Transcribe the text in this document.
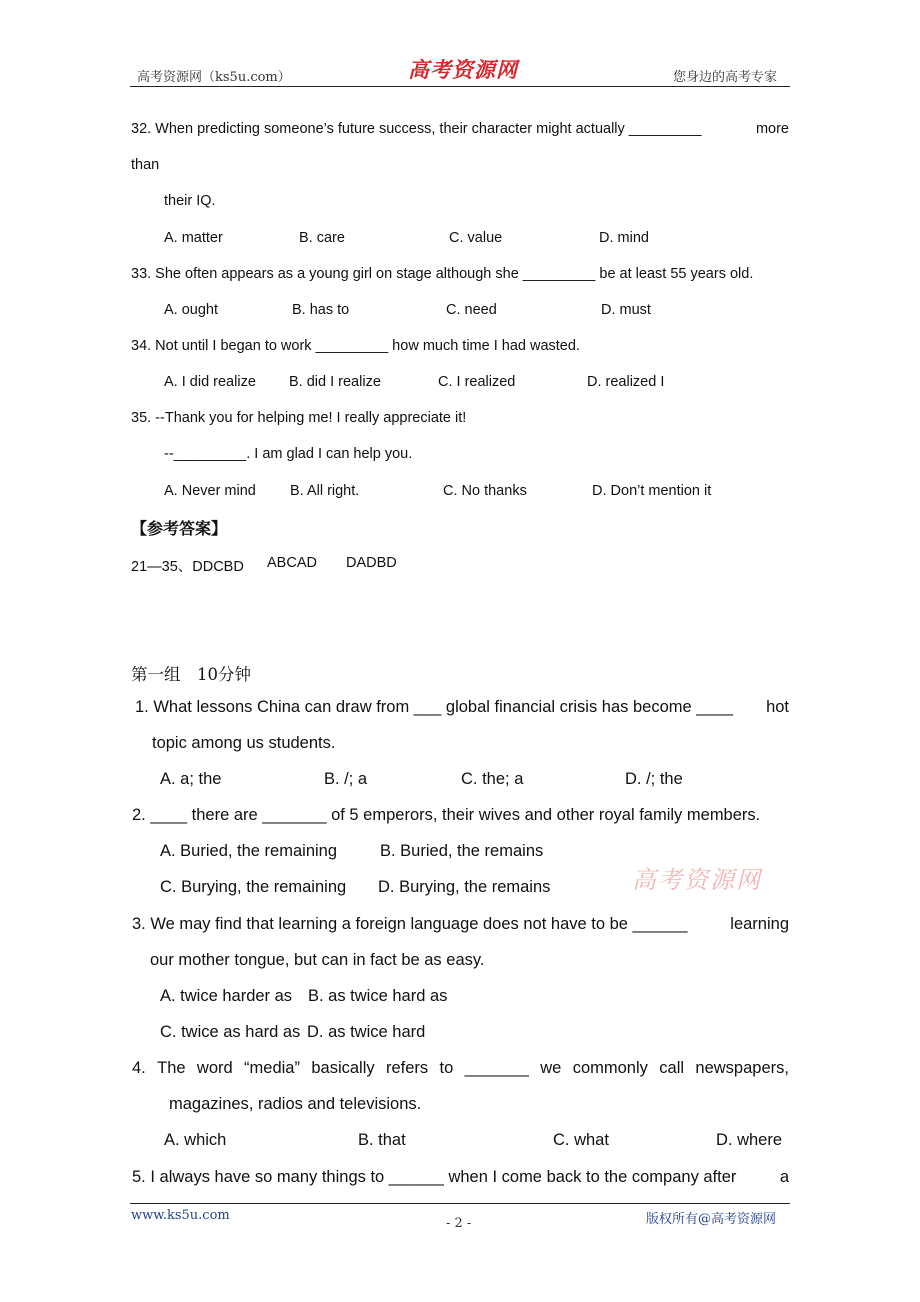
高考资源网（ks5u.com）	高考资源网	您身边的高考专家
32. When predicting someone’s future success, their character might actually _________	more
than
their IQ.
A. matter	B. care	C. value	D. mind
33. She often appears as a young girl on stage although she _________ be at least 55 years old.
A. ought	B. has to	C. need	D. must
34. Not until I began to work _________ how much time I had wasted.
A. I did realize B. did I realize	C. I realized	D. realized I
35. --Thank you for helping me! I really appreciate it!
--_________. I am glad I can help you.
A. Never mind B. All right.	C. No thanks	D. Don’t mention it
【参考答案】
21—35、DDCBD ABCAD DADBD
第一组　10分钟
1. What lessons China can draw from ___ global financial crisis has become ____ hot
topic among us students.
A. a; the	B. /; a	C. the; a	D. /; the
2. ____ there are _______ of 5 emperors, their wives and other royal family members.
A. Buried, the remaining	B. Buried, the remains
C. Burying, the remaining D. Burying, the remains	高考资源网
3. We may find that learning a foreign language does not have to be ______	learning
our mother tongue, but can in fact be as easy.
A. twice harder as B. as twice hard as
C. twice as hard as D. as twice hard
4. The word “media” basically refers to _______ we commonly call newspapers,
magazines, radios and televisions.
A. which	B. that	C. what	D. where
5. I always have so many things to ______ when I come back to the company after	a
www.ks5u.com
- 2 -	版权所有@高考资源网
